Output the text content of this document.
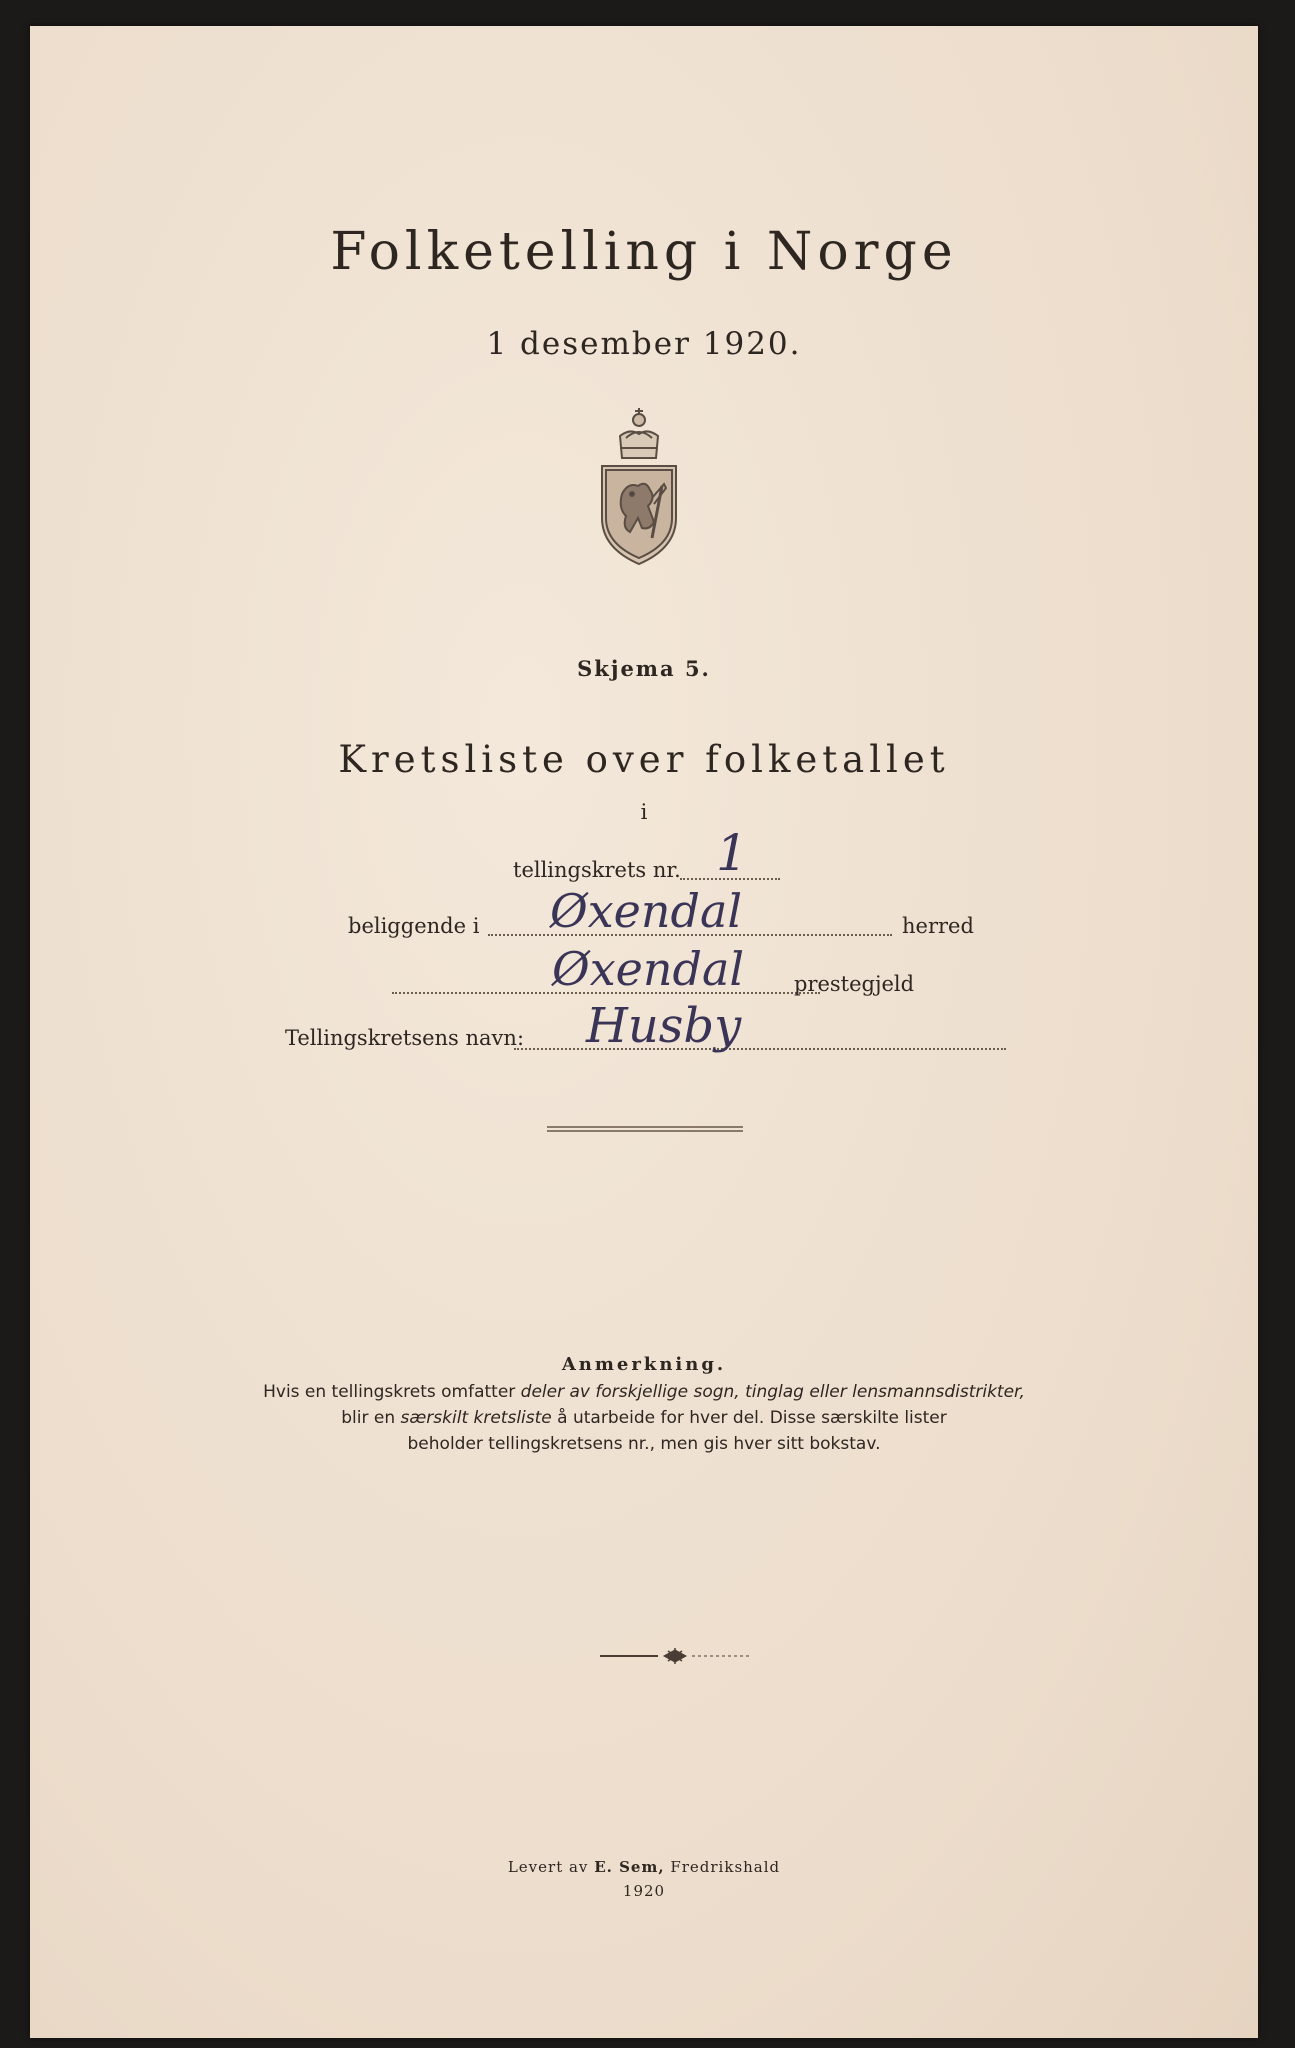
Folketelling i Norge
1 desember 1920.
Skjema 5.
Kretsliste over folketallet
i
tellingskrets nr. 1
beliggende i Øxendal	herred
Øxendal prestegjeld
Tellingskretsens navn: Husby
Anmerkning.
Hvis en tellingskrets omfatter deler av forskjellige sogn, tinglag eller lensmannsdistrikter,
blir en særskilt kretsliste å utarbeide for hver del. Disse særskilte lister
beholder tellingskretsens nr., men gis hver sitt bokstav.
Levert av E. Sem, Fredrikshald
1920
